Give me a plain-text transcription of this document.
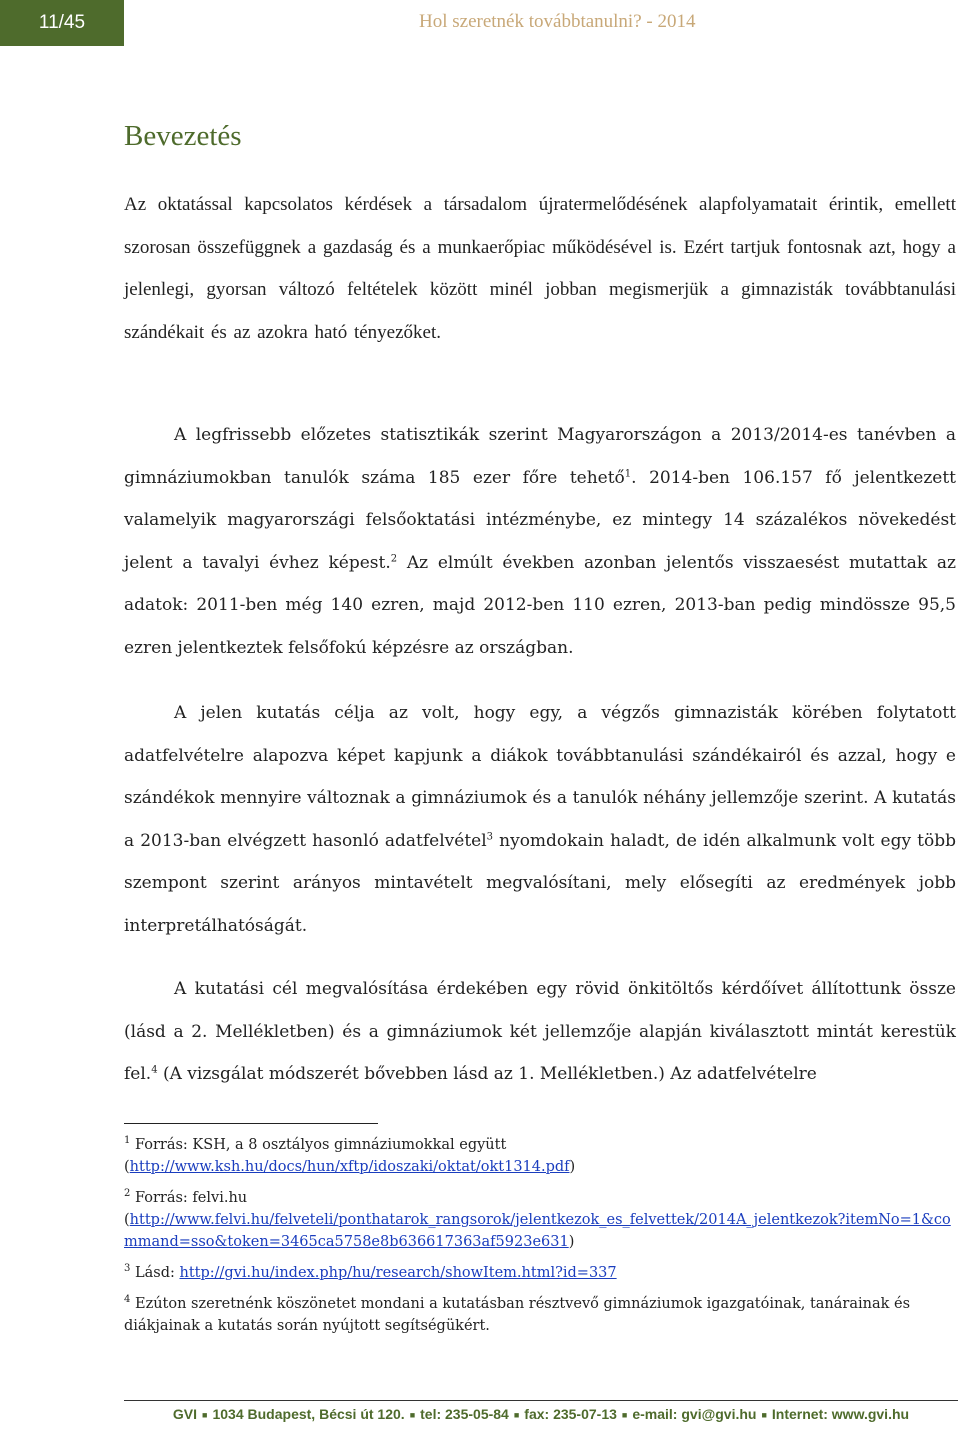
11/45	Hol szeretnék továbbtanulni? - 2014
Bevezetés

Az oktatással kapcsolatos kérdések a társadalom újratermelődésének alapfolyamatait érintik, emellett szorosan összefüggnek a gazdaság és a munkaerőpiac működésével is. Ezért tartjuk fontosnak azt, hogy a jelenlegi, gyorsan változó feltételek között minél jobban megismerjük a gimnazisták továbbtanulási szándékait és az azokra ható tényezőket.

A legfrissebb előzetes statisztikák szerint Magyarországon a 2013/2014-es tanévben a gimnáziumokban tanulók száma 185 ezer főre tehető$^1$. 2014-ben 106.157 fő jelentkezett valamelyik magyarországi felsőoktatási intézménybe, ez mintegy 14 százalékos növekedést jelent a tavalyi évhez képest.$^2$ Az elmúlt években azonban jelentős visszaesést mutattak az adatok: 2011-ben még 140 ezren, majd 2012-ben 110 ezren, 2013-ban pedig mindössze 95,5 ezren jelentkeztek felsőfokú képzésre az országban.

A jelen kutatás célja az volt, hogy egy, a végzős gimnazisták körében folytatott adatfelvételre alapozva képet kapjunk a diákok továbbtanulási szándékairól és azzal, hogy e szándékok mennyire változnak a gimnáziumok és a tanulók néhány jellemzője szerint. A kutatás a 2013-ban elvégzett hasonló adatfelvétel$^3$ nyomdokain haladt, de idén alkalmunk volt egy több szempont szerint arányos mintavételt megvalósítani, mely elősegíti az eredmények jobb interpretálhatóságát.

A kutatási cél megvalósítása érdekében egy rövid önkitöltős kérdőívet állítottunk össze (lásd a 2. Mellékletben) és a gimnáziumok két jellemzője alapján kiválasztott mintát kerestük fel.$^4$ (A vizsgálat módszerét bővebben lásd az 1. Mellékletben.) Az adatfelvételre

$^1$ Forrás: KSH, a 8 osztályos gimnáziumokkal együtt
(http://www.ksh.hu/docs/hun/xftp/idoszaki/oktat/okt1314.pdf)

$^2$ Forrás: felvi.hu
(http://www.felvi.hu/felveteli/ponthatarok_rangsorok/jelentkezok_es_felvettek/2014A_jelentkezok?itemNo=1&command=sso&token=3465ca5758e8b636617363af5923e631)

$^3$ Lásd: http://gvi.hu/index.php/hu/research/showItem.html?id=337

$^4$ Ezúton szeretnénk köszönetet mondani a kutatásban résztvevő gimnáziumok igazgatóinak, tanárainak és diákjainak a kutatás során nyújtott segítségükért.

GVI ■ 1034 Budapest, Bécsi út 120. ■ tel: 235-05-84 ■ fax: 235-07-13 ■ e-mail: gvi@gvi.hu ■ Internet: www.gvi.hu
